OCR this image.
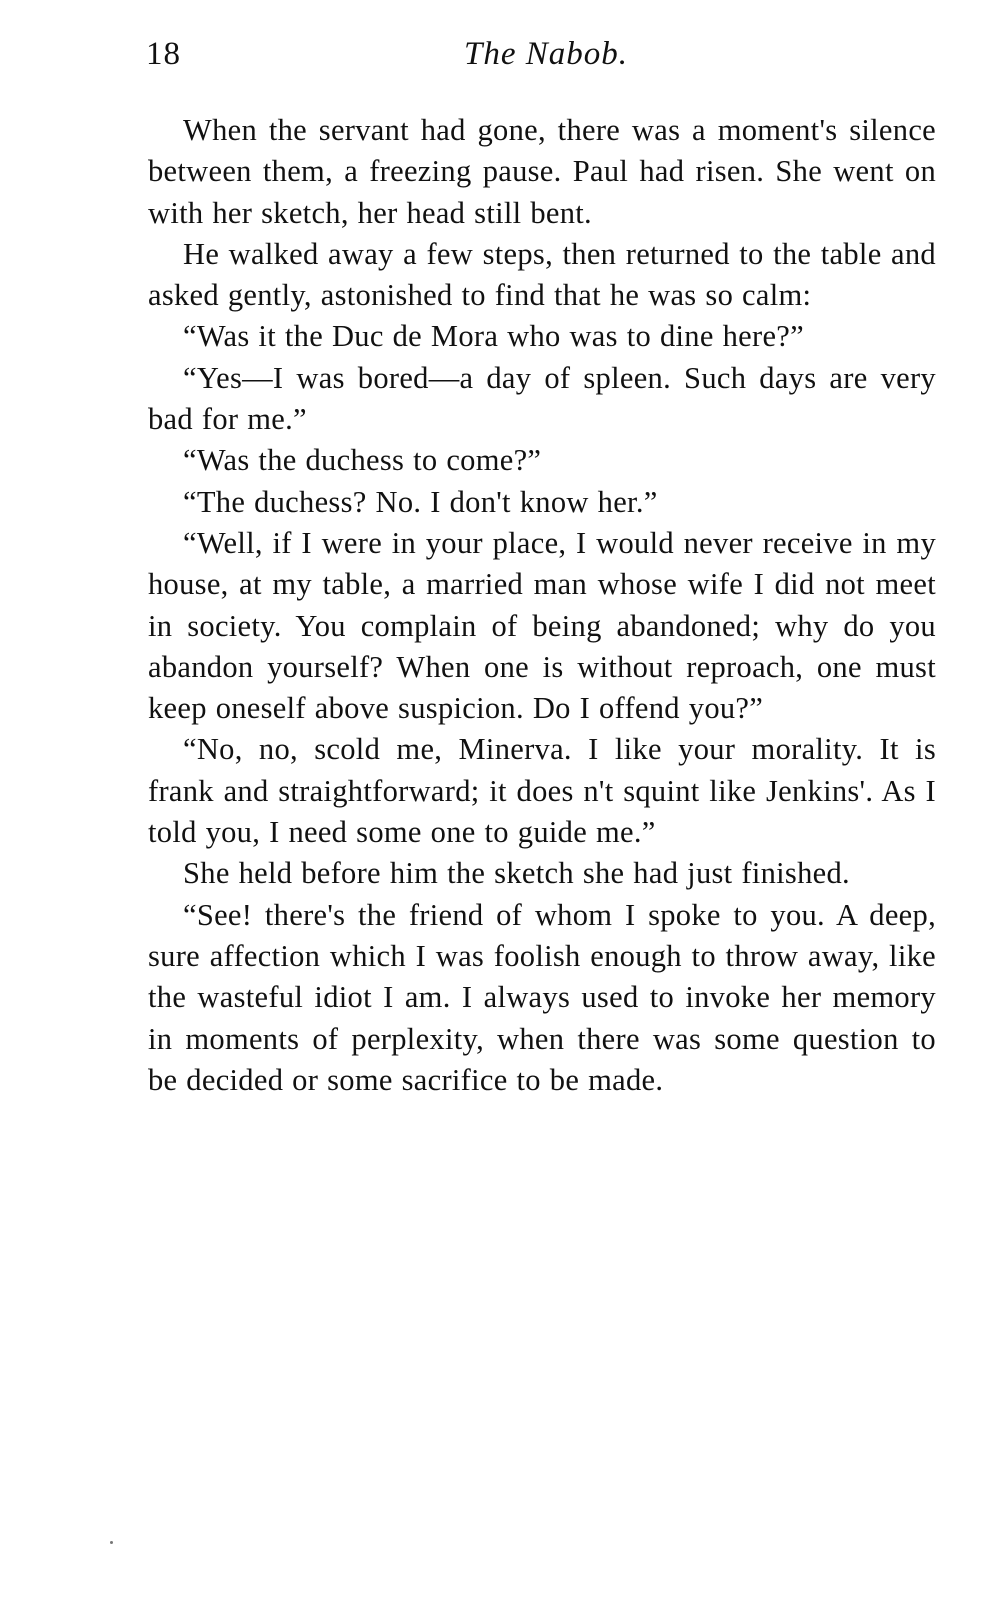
18	The Nabob.

When the servant had gone, there was a moment's silence between them, a freezing pause. Paul had risen. She went on with her sketch, her head still bent.

He walked away a few steps, then returned to the table and asked gently, astonished to find that he was so calm:

“Was it the Duc de Mora who was to dine here?”

“Yes—I was bored—a day of spleen. Such days are very bad for me.”

“Was the duchess to come?”

“The duchess? No. I don't know her.”

“Well, if I were in your place, I would never receive in my house, at my table, a married man whose wife I did not meet in society. You complain of being abandoned; why do you abandon yourself? When one is without reproach, one must keep oneself above suspicion. Do I offend you?”

“No, no, scold me, Minerva. I like your morality. It is frank and straightforward; it does n't squint like Jenkins'. As I told you, I need some one to guide me.”

She held before him the sketch she had just finished.

“See! there's the friend of whom I spoke to you. A deep, sure affection which I was foolish enough to throw away, like the wasteful idiot I am. I always used to invoke her memory in moments of perplexity, when there was some question to be decided or some sacrifice to be made.
